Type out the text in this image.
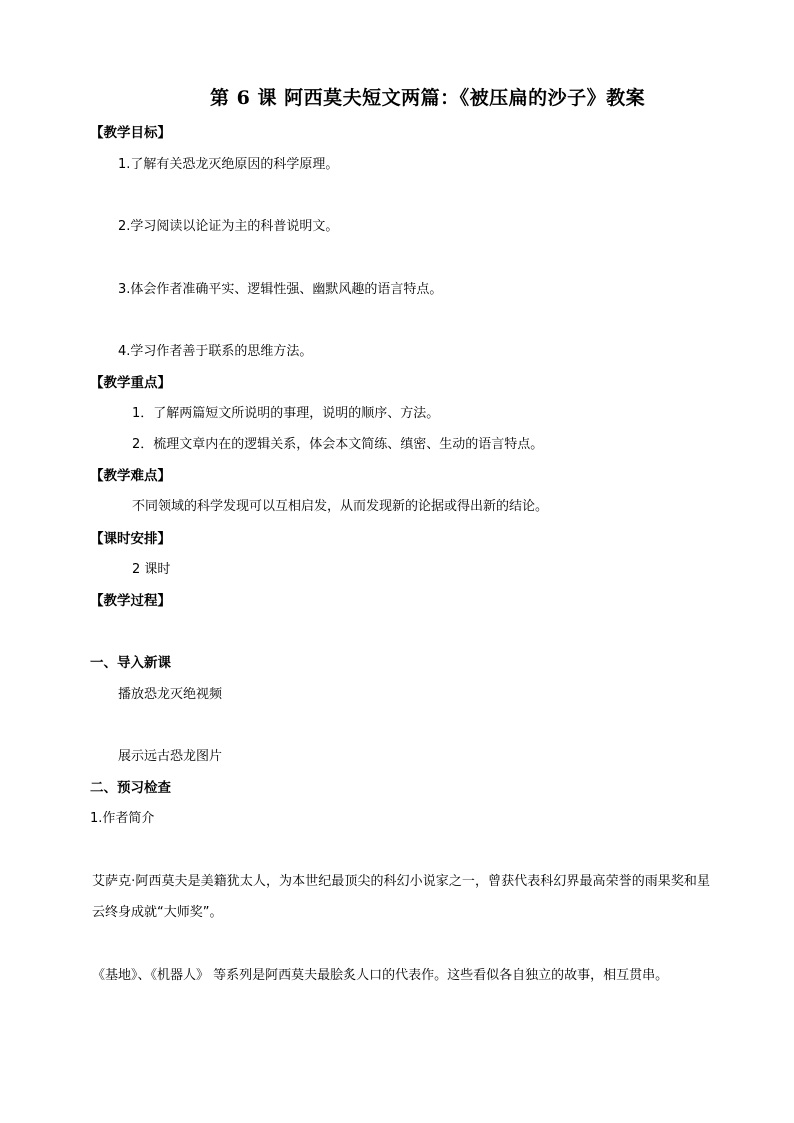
第 6 课 阿西莫夫短文两篇：《被压扁的沙子》教案
【教学目标】
1.了解有关恐龙灭绝原因的科学原理。
2.学习阅读以论证为主的科普说明文。
3.体会作者准确平实、逻辑性强、幽默风趣的语言特点。
4.学习作者善于联系的思维方法。
【教学重点】
1．了解两篇短文所说明的事理，说明的顺序、方法。
2．梳理文章内在的逻辑关系，体会本文简练、缜密、生动的语言特点。
【教学难点】
不同领域的科学发现可以互相启发，从而发现新的论据或得出新的结论。
【课时安排】
2 课时
【教学过程】
一、导入新课
播放恐龙灭绝视频
展示远古恐龙图片
二、预习检查
1.作者简介
艾萨克·阿西莫夫是美籍犹太人，为本世纪最顶尖的科幻小说家之一，曾获代表科幻界最高荣誉的雨果奖和星云终身成就“大师奖”。
《基地》、《机器人》 等系列是阿西莫夫最脍炙人口的代表作。这些看似各自独立的故事，相互贯串。
